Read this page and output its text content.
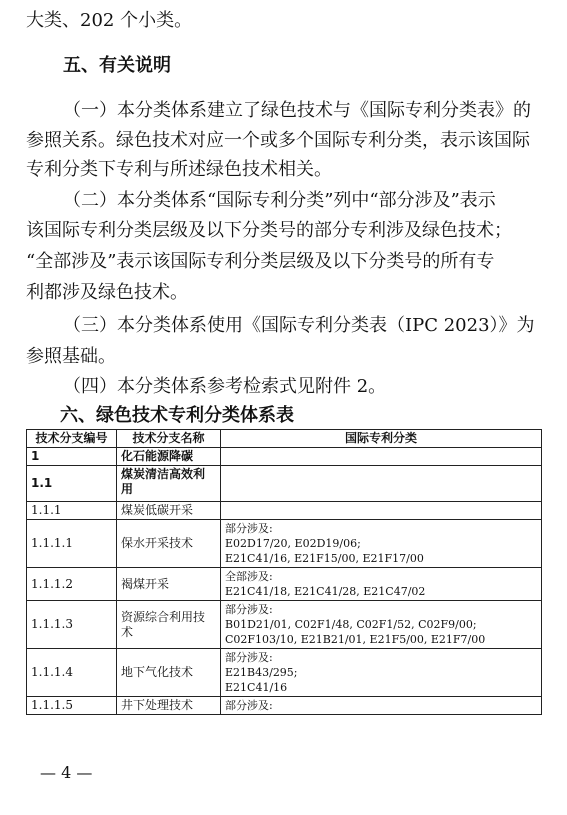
大类、202 个小类。
五、有关说明
（一）本分类体系建立了绿色技术与《国际专利分类表》的
参照关系。绿色技术对应一个或多个国际专利分类，表示该国际
专利分类下专利与所述绿色技术相关。
（二）本分类体系“国际专利分类”列中“部分涉及”表示
该国际专利分类层级及以下分类号的部分专利涉及绿色技术；
“全部涉及”表示该国际专利分类层级及以下分类号的所有专
利都涉及绿色技术。
（三）本分类体系使用《国际专利分类表（IPC 2023）》为
参照基础。
（四）本分类体系参考检索式见附件 2。
六、绿色技术专利分类体系表
技术分支编号	技术分支名称	国际专利分类
1	化石能源降碳	
1.1	煤炭清洁高效利用	
1.1.1	煤炭低碳开采	
1.1.1.1	保水开采技术	部分涉及:
E02D17/20, E02D19/06;
E21C41/16, E21F15/00, E21F17/00

1.1.1.2	褐煤开采	全部涉及:
E21C41/18, E21C41/28, E21C47/02

1.1.1.3	资源综合利用技术	部分涉及:
B01D21/01, C02F1/48, C02F1/52, C02F9/00;
C02F103/10, E21B21/01, E21F5/00, E21F7/00

1.1.1.4	地下气化技术	部分涉及:
E21B43/295;
E21C41/16

1.1.1.5	井下处理技术	部分涉及:
— 4 —
